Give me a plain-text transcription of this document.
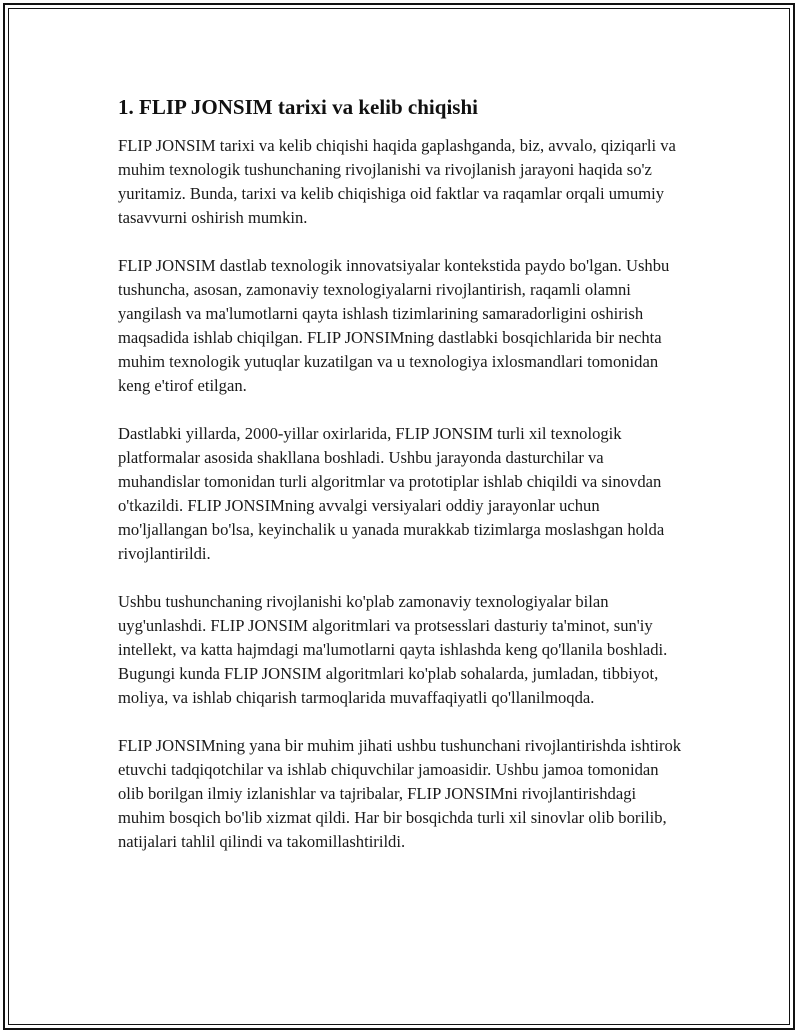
1. FLIP JONSIM tarixi va kelib chiqishi

FLIP JONSIM tarixi va kelib chiqishi haqida gaplashganda, biz, avvalo, qiziqarli va muhim texnologik tushunchaning rivojlanishi va rivojlanish jarayoni haqida so'z yuritamiz. Bunda, tarixi va kelib chiqishiga oid faktlar va raqamlar orqali umumiy tasavvurni oshirish mumkin.

FLIP JONSIM dastlab texnologik innovatsiyalar kontekstida paydo bo'lgan. Ushbu tushuncha, asosan, zamonaviy texnologiyalarni rivojlantirish, raqamli olamni yangilash va ma'lumotlarni qayta ishlash tizimlarining samaradorligini oshirish maqsadida ishlab chiqilgan. FLIP JONSIMning dastlabki bosqichlarida bir nechta muhim texnologik yutuqlar kuzatilgan va u texnologiya ixlosmandlari tomonidan keng e'tirof etilgan.

Dastlabki yillarda, 2000-yillar oxirlarida, FLIP JONSIM turli xil texnologik platformalar asosida shakllana boshladi. Ushbu jarayonda dasturchilar va muhandislar tomonidan turli algoritmlar va prototiplar ishlab chiqildi va sinovdan o'tkazildi. FLIP JONSIMning avvalgi versiyalari oddiy jarayonlar uchun mo'ljallangan bo'lsa, keyinchalik u yanada murakkab tizimlarga moslashgan holda rivojlantirildi.

Ushbu tushunchaning rivojlanishi ko'plab zamonaviy texnologiyalar bilan uyg'unlashdi. FLIP JONSIM algoritmlari va protsesslari dasturiy ta'minot, sun'iy intellekt, va katta hajmdagi ma'lumotlarni qayta ishlashda keng qo'llanila boshladi. Bugungi kunda FLIP JONSIM algoritmlari ko'plab sohalarda, jumladan, tibbiyot, moliya, va ishlab chiqarish tarmoqlarida muvaffaqiyatli qo'llanilmoqda.

FLIP JONSIMning yana bir muhim jihati ushbu tushunchani rivojlantirishda ishtirok etuvchi tadqiqotchilar va ishlab chiquvchilar jamoasidir. Ushbu jamoa tomonidan olib borilgan ilmiy izlanishlar va tajribalar, FLIP JONSIMni rivojlantirishdagi muhim bosqich bo'lib xizmat qildi. Har bir bosqichda turli xil sinovlar olib borilib, natijalari tahlil qilindi va takomillashtirildi.
